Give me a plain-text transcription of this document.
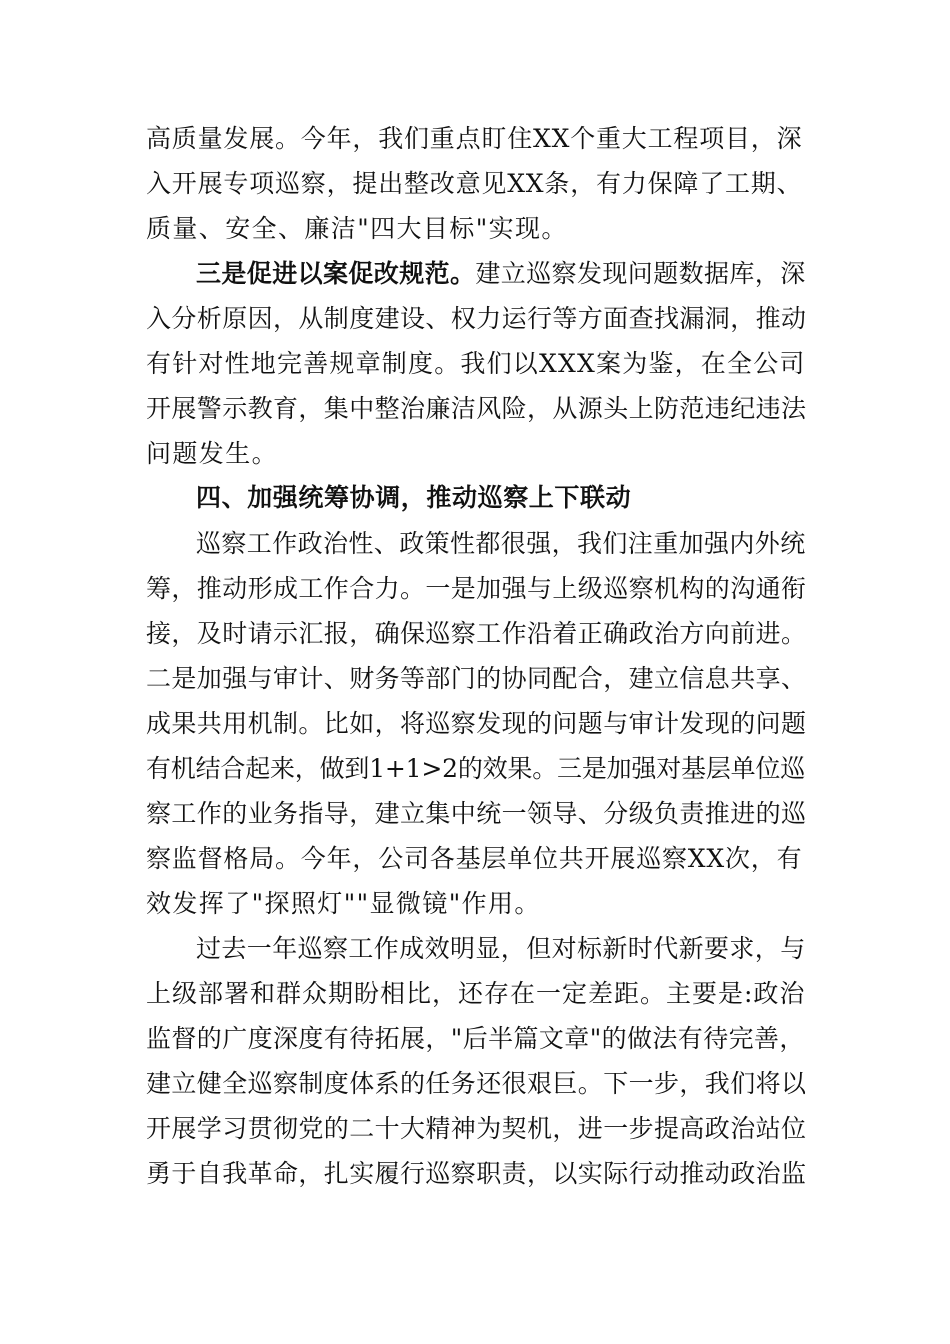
高质量发展。今年，我们重点盯住XX个重大工程项目，深
入开展专项巡察，提出整改意见XX条，有力保障了工期、
质量、安全、廉洁"四大目标"实现。
三是促进以案促改规范。建立巡察发现问题数据库，深
入分析原因，从制度建设、权力运行等方面查找漏洞，推动
有针对性地完善规章制度。我们以XXX案为鉴，在全公司
开展警示教育，集中整治廉洁风险，从源头上防范违纪违法
问题发生。
四、加强统筹协调，推动巡察上下联动
巡察工作政治性、政策性都很强，我们注重加强内外统
筹，推动形成工作合力。一是加强与上级巡察机构的沟通衔
接，及时请示汇报，确保巡察工作沿着正确政治方向前进。
二是加强与审计、财务等部门的协同配合，建立信息共享、
成果共用机制。比如，将巡察发现的问题与审计发现的问题
有机结合起来，做到1+1>2的效果。三是加强对基层单位巡
察工作的业务指导，建立集中统一领导、分级负责推进的巡
察监督格局。今年，公司各基层单位共开展巡察XX次，有
效发挥了"探照灯""显微镜"作用。
过去一年巡察工作成效明显，但对标新时代新要求，与
上级部署和群众期盼相比，还存在一定差距。主要是:政治
监督的广度深度有待拓展，"后半篇文章"的做法有待完善，
建立健全巡察制度体系的任务还很艰巨。下一步，我们将以
开展学习贯彻党的二十大精神为契机，进一步提高政治站位
勇于自我革命，扎实履行巡察职责，以实际行动推动政治监
